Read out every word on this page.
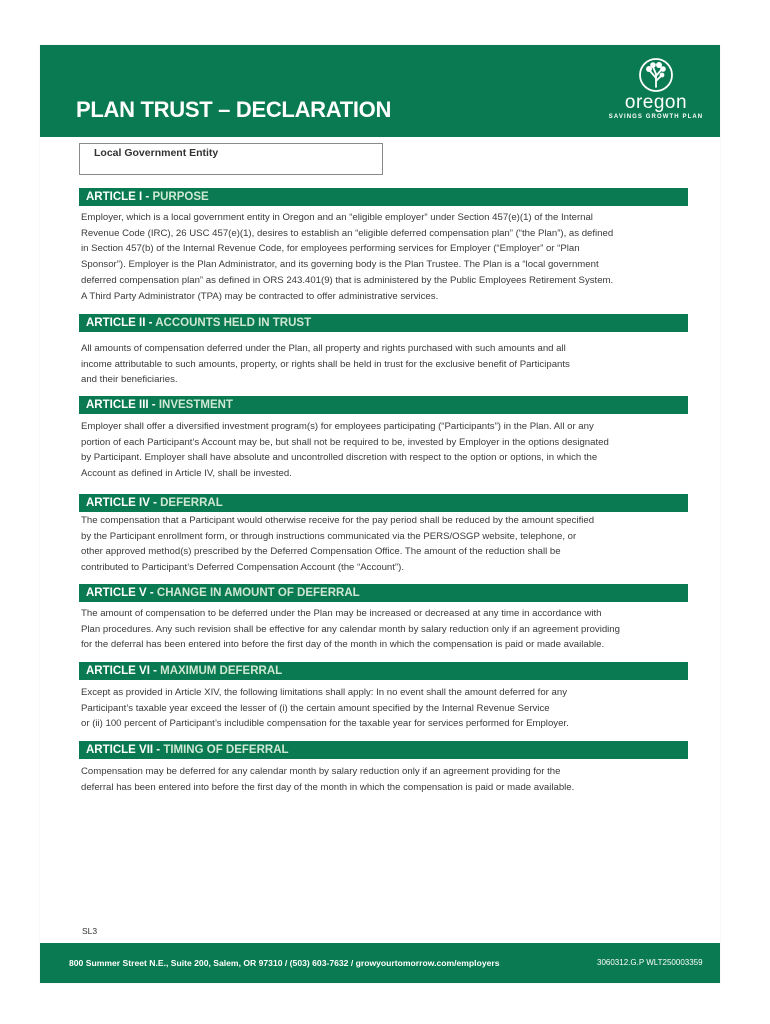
PLAN TRUST – DECLARATION	oregon
SAVINGS GROWTH PLAN
Local Government Entity
ARTICLE I - PURPOSE

Employer, which is a local government entity in Oregon and an “eligible employer” under Section 457(e)(1) of the Internal
Revenue Code (IRC), 26 USC 457(e)(1), desires to establish an “eligible deferred compensation plan” (“the Plan”), as defined
in Section 457(b) of the Internal Revenue Code, for employees performing services for Employer (“Employer” or “Plan
Sponsor”). Employer is the Plan Administrator, and its governing body is the Plan Trustee. The Plan is a “local government
deferred compensation plan” as defined in ORS 243.401(9) that is administered by the Public Employees Retirement System.
A Third Party Administrator (TPA) may be contracted to offer administrative services.

ARTICLE II - ACCOUNTS HELD IN TRUST

All amounts of compensation deferred under the Plan, all property and rights purchased with such amounts and all
income attributable to such amounts, property, or rights shall be held in trust for the exclusive benefit of Participants
and their beneficiaries.

ARTICLE III - INVESTMENT

Employer shall offer a diversified investment program(s) for employees participating (“Participants”) in the Plan. All or any
portion of each Participant’s Account may be, but shall not be required to be, invested by Employer in the options designated
by Participant. Employer shall have absolute and uncontrolled discretion with respect to the option or options, in which the
Account as defined in Article IV, shall be invested.

ARTICLE IV - DEFERRAL

The compensation that a Participant would otherwise receive for the pay period shall be reduced by the amount specified
by the Participant enrollment form, or through instructions communicated via the PERS/OSGP website, telephone, or
other approved method(s) prescribed by the Deferred Compensation Office. The amount of the reduction shall be
contributed to Participant’s Deferred Compensation Account (the “Account”).

ARTICLE V - CHANGE IN AMOUNT OF DEFERRAL

The amount of compensation to be deferred under the Plan may be increased or decreased at any time in accordance with
Plan procedures. Any such revision shall be effective for any calendar month by salary reduction only if an agreement providing
for the deferral has been entered into before the first day of the month in which the compensation is paid or made available.

ARTICLE VI - MAXIMUM DEFERRAL

Except as provided in Article XIV, the following limitations shall apply: In no event shall the amount deferred for any
Participant’s taxable year exceed the lesser of (i) the certain amount specified by the Internal Revenue Service
or (ii) 100 percent of Participant’s includible compensation for the taxable year for services performed for Employer.

ARTICLE VII - TIMING OF DEFERRAL

Compensation may be deferred for any calendar month by salary reduction only if an agreement providing for the
deferral has been entered into before the first day of the month in which the compensation is paid or made available.

SL3
800 Summer Street N.E., Suite 200, Salem, OR 97310 / (503) 603-7632 / growyourtomorrow.com/employers	3060312.G.P WLT250003359
